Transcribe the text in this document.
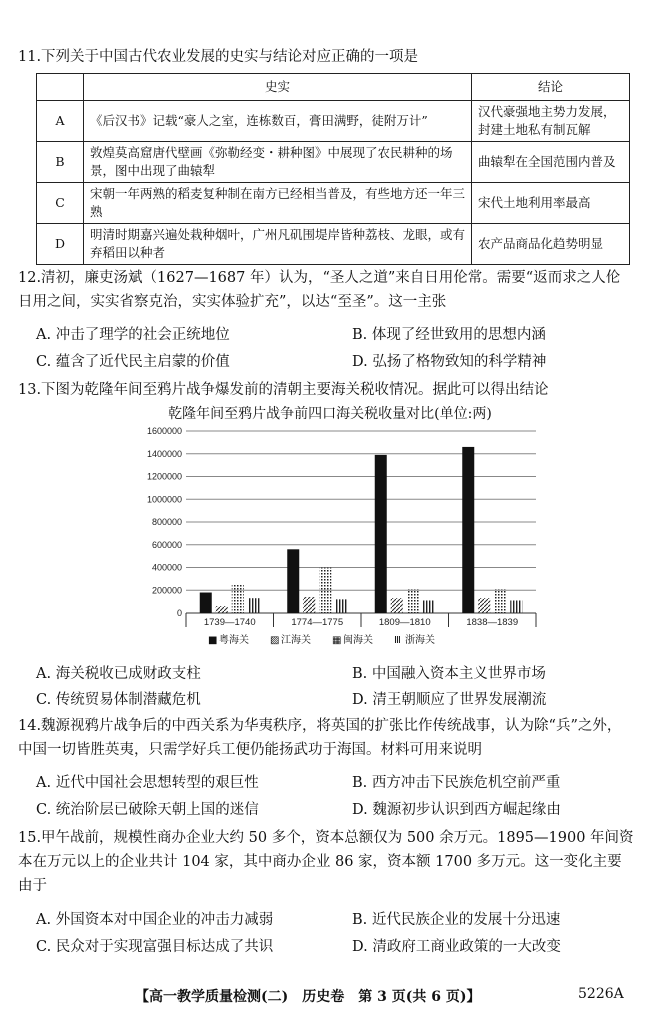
11.下列关于中国古代农业发展的史实与结论对应正确的一项是
	史实	结论
A	《后汉书》记载“豪人之室，连栋数百，膏田满野，徒附万计”	汉代豪强地主势力发展，封建土地私有制瓦解
B	敦煌莫高窟唐代壁画《弥勒经变・耕种图》中展现了农民耕种的场景，图中出现了曲辕犁	曲辕犁在全国范围内普及
C	宋朝一年两熟的稻麦复种制在南方已经相当普及，有些地方还一年三熟	宋代土地利用率最高
D	明清时期嘉兴遍处栽种烟叶，广州凡矶围堤岸皆种荔枝、龙眼，或有弃稻田以种者	农产品商品化趋势明显
12.清初，廉吏汤斌（1627—1687 年）认为，“圣人之道”来自日用伦常。需要“返而求之人伦日用之间，实实省察克治，实实体验扩充”，以达“至圣”。这一主张
A. 冲击了理学的社会正统地位	B. 体现了经世致用的思想内涵
C. 蕴含了近代民主启蒙的价值	D. 弘扬了格物致知的科学精神
13.下图为乾隆年间至鸦片战争爆发前的清朝主要海关税收情况。据此可以得出结论
乾隆年间至鸦片战争前四口海关税收量对比(单位:两)
0
200000
400000
600000
800000
1000000
1200000
1400000
1600000
1739—1740	1774—1775	1809—1810	1838—1839
■ 粤海关 ▨ 江海关 ▦ 闽海关 Ⅲ 浙海关
A. 海关税收已成财政支柱	B. 中国融入资本主义世界市场
C. 传统贸易体制潜藏危机	D. 清王朝顺应了世界发展潮流
14.魏源视鸦片战争后的中西关系为华夷秩序，将英国的扩张比作传统战事，认为除“兵”之外，中国一切皆胜英夷，只需学好兵工便仍能扬武功于海国。材料可用来说明
A. 近代中国社会思想转型的艰巨性	B. 西方冲击下民族危机空前严重
C. 统治阶层已破除天朝上国的迷信	D. 魏源初步认识到西方崛起缘由
15.甲午战前，规模性商办企业大约 50 多个，资本总额仅为 500 余万元。1895—1900 年间资本在万元以上的企业共计 104 家，其中商办企业 86 家，资本额 1700 多万元。这一变化主要由于
A. 外国资本对中国企业的冲击力减弱	B. 近代民族企业的发展十分迅速
C. 民众对于实现富强目标达成了共识	D. 清政府工商业政策的一大改变
【高一教学质量检测(二)　历史卷　第 3 页(共 6 页)】	5226A
